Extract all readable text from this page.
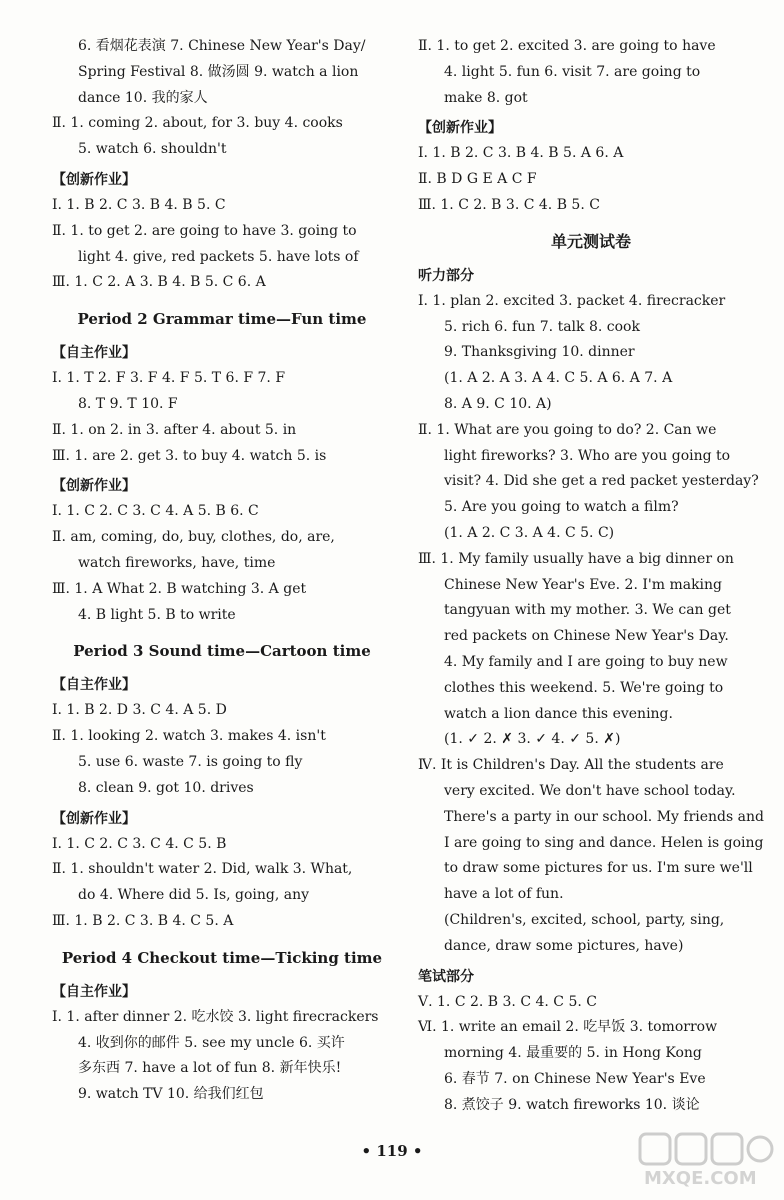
6. 看烟花表演 7. Chinese New Year's Day/
Spring Festival 8. 做汤圆 9. watch a lion
dance 10. 我的家人
Ⅱ. 1. coming 2. about, for 3. buy 4. cooks
5. watch 6. shouldn't
【创新作业】
Ⅰ. 1. B 2. C 3. B 4. B 5. C
Ⅱ. 1. to get 2. are going to have 3. going to
light 4. give, red packets 5. have lots of
Ⅲ. 1. C 2. A 3. B 4. B 5. C 6. A
Period 2 Grammar time—Fun time
【自主作业】
Ⅰ. 1. T 2. F 3. F 4. F 5. T 6. F 7. F
8. T 9. T 10. F
Ⅱ. 1. on 2. in 3. after 4. about 5. in
Ⅲ. 1. are 2. get 3. to buy 4. watch 5. is
【创新作业】
Ⅰ. 1. C 2. C 3. C 4. A 5. B 6. C
Ⅱ. am, coming, do, buy, clothes, do, are,
watch fireworks, have, time
Ⅲ. 1. A What 2. B watching 3. A get
4. B light 5. B to write
Period 3 Sound time—Cartoon time
【自主作业】
Ⅰ. 1. B 2. D 3. C 4. A 5. D
Ⅱ. 1. looking 2. watch 3. makes 4. isn't
5. use 6. waste 7. is going to fly
8. clean 9. got 10. drives
【创新作业】
Ⅰ. 1. C 2. C 3. C 4. C 5. B
Ⅱ. 1. shouldn't water 2. Did, walk 3. What,
do 4. Where did 5. Is, going, any
Ⅲ. 1. B 2. C 3. B 4. C 5. A
Period 4 Checkout time—Ticking time
【自主作业】
Ⅰ. 1. after dinner 2. 吃水饺 3. light firecrackers
4. 收到你的邮件 5. see my uncle 6. 买许
多东西 7. have a lot of fun 8. 新年快乐!
9. watch TV 10. 给我们红包
Ⅱ. 1. to get 2. excited 3. are going to have
4. light 5. fun 6. visit 7. are going to
make 8. got
【创新作业】
Ⅰ. 1. B 2. C 3. B 4. B 5. A 6. A
Ⅱ. B D G E A C F
Ⅲ. 1. C 2. B 3. C 4. B 5. C
单元测试卷
听力部分
Ⅰ. 1. plan 2. excited 3. packet 4. firecracker
5. rich 6. fun 7. talk 8. cook
9. Thanksgiving 10. dinner
(1. A 2. A 3. A 4. C 5. A 6. A 7. A
8. A 9. C 10. A)
Ⅱ. 1. What are you going to do? 2. Can we
light fireworks? 3. Who are you going to
visit? 4. Did she get a red packet yesterday?
5. Are you going to watch a film?
(1. A 2. C 3. A 4. C 5. C)
Ⅲ. 1. My family usually have a big dinner on
Chinese New Year's Eve. 2. I'm making
tangyuan with my mother. 3. We can get
red packets on Chinese New Year's Day.
4. My family and I are going to buy new
clothes this weekend. 5. We're going to
watch a lion dance this evening.
(1. ✓ 2. ✗ 3. ✓ 4. ✓ 5. ✗)
Ⅳ. It is Children's Day. All the students are
very excited. We don't have school today.
There's a party in our school. My friends and
I are going to sing and dance. Helen is going
to draw some pictures for us. I'm sure we'll
have a lot of fun.
(Children's, excited, school, party, sing,
dance, draw some pictures, have)
笔试部分
Ⅴ. 1. C 2. B 3. C 4. C 5. C
Ⅵ. 1. write an email 2. 吃早饭 3. tomorrow
morning 4. 最重要的 5. in Hong Kong
6. 春节 7. on Chinese New Year's Eve
8. 煮饺子 9. watch fireworks 10. 谈论
• 119 •
MXQE.COM
